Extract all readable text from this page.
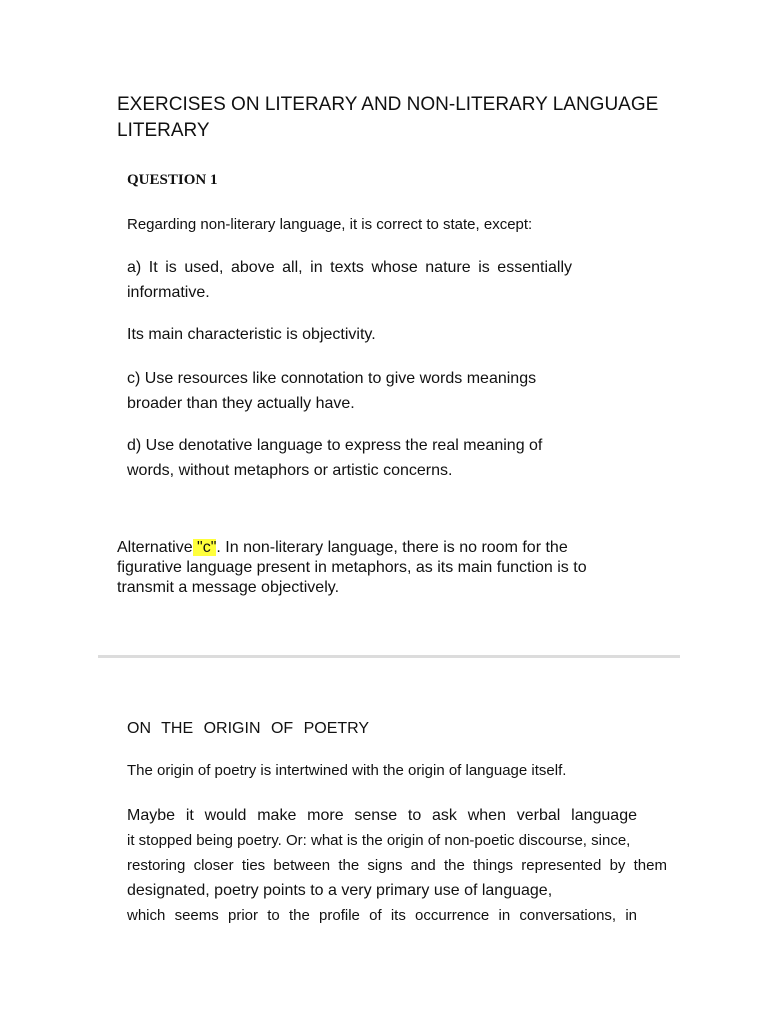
EXERCISES ON LITERARY AND NON-LITERARY LANGUAGE
LITERARY
QUESTION 1
Regarding non-literary language, it is correct to state, except:
a) It is used, above all, in texts whose nature is essentially informative.
Its main characteristic is objectivity.
c) Use resources like connotation to give words meanings broader than they actually have.
d) Use denotative language to express the real meaning of words, without metaphors or artistic concerns.

Alternative "c". In non-literary language, there is no room for the figurative language present in metaphors, as its main function is to transmit a message objectively.

ON THE ORIGIN OF POETRY
The origin of poetry is intertwined with the origin of language itself.
Maybe it would make more sense to ask when verbal language
it stopped being poetry. Or: what is the origin of non-poetic discourse, since,
restoring closer ties between the signs and the things represented by them
designated, poetry points to a very primary use of language,
which seems prior to the profile of its occurrence in conversations, in
